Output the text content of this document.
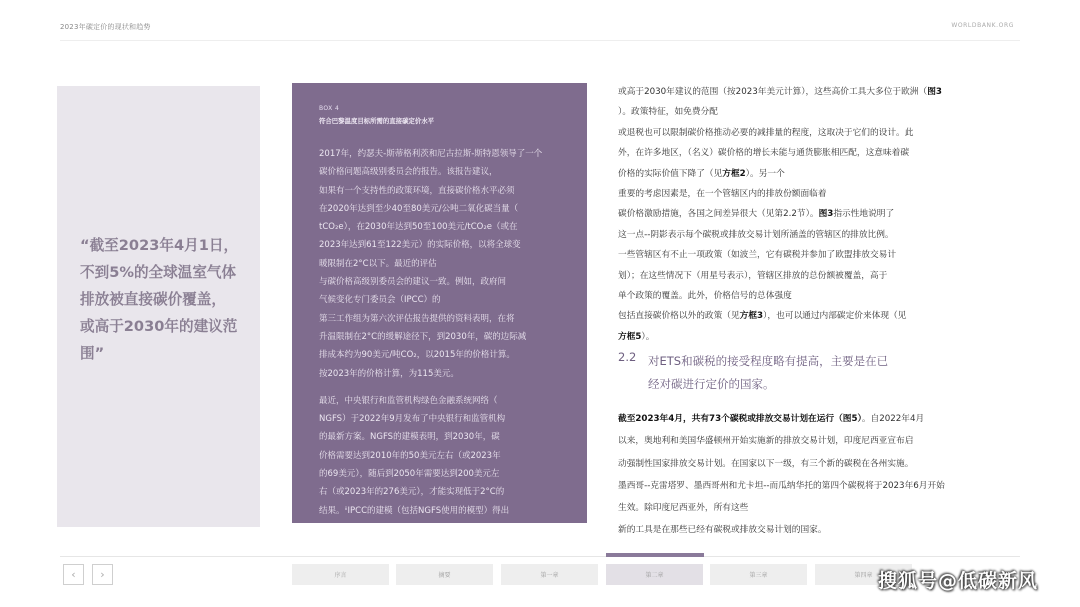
2023年碳定价的现状和趋势	WORLDBANK.ORG
“截至2023年4月1日，不到5%的全球温室气体排放被直接碳价覆盖，或高于2030年的建议范围”
BOX 4
符合巴黎温度目标所需的直接碳定价水平

2017年，约瑟夫-斯蒂格利茨和尼古拉斯-斯特恩领导了一个

碳价格问题高级别委员会的报告。该报告建议，

如果有一个支持性的政策环境，直接碳价格水平必须

在2020年达到至少40至80美元/公吨二氧化碳当量（

tCO₂e），在2030年达到50至100美元/tCO₂e（或在

2023年达到61至122美元）的实际价格，以将全球变

暖限制在2°C以下。最近的评估

与碳价格高级别委员会的建议一致。例如，政府间

气候变化专门委员会（IPCC）的

第三工作组为第六次评估报告提供的资料表明，在将

升温限制在2°C的缓解途径下，到2030年，碳的边际减

排成本约为90美元/吨CO₂，以2015年的价格计算。

按2023年的价格计算，为115美元。

最近，中央银行和监管机构绿色金融系统网络（

NGFS）于2022年9月发布了中央银行和监管机构

的最新方案。NGFS的建模表明，到2030年，碳

价格需要达到2010年的50美元左右（或2023年

的69美元），随后到2050年需要达到200美元左

右（或2023年的276美元），才能实现低于2°C的

结果。ⁱⁱIPCC的建模（包括NGFS使用的模型）得出

或高于2030年建议的范围（按2023年美元计算），这些高价工具大多位于欧洲（图3

）。政策特征，如免费分配

或退税也可以限制碳价格推动必要的减排量的程度，这取决于它们的设计。此

外，在许多地区，（名义）碳价格的增长未能与通货膨胀相匹配，这意味着碳

价格的实际价值下降了（见方框2）。另一个

重要的考虑因素是，在一个管辖区内的排放份额面临着

碳价格激励措施，各国之间差异很大（见第2.2节）。图3指示性地说明了

这一点--阴影表示每个碳税或排放交易计划所涵盖的管辖区的排放比例。

一些管辖区有不止一项政策（如波兰，它有碳税并参加了欧盟排放交易计

划）；在这些情况下（用星号表示），管辖区排放的总份额被覆盖，高于

单个政策的覆盖。此外，价格信号的总体强度

包括直接碳价格以外的政策（见方框3），也可以通过内部碳定价来体现（见

方框5）。

2.2 对ETS和碳税的接受程度略有提高，主要是在已
经对碳进行定价的国家。

截至2023年4月，共有73个碳税或排放交易计划在运行（图5）。自2022年4月

以来，奥地利和美国华盛顿州开始实施新的排放交易计划，印度尼西亚宣布启

动强制性国家排放交易计划。在国家以下一级，有三个新的碳税在各州实施。

墨西哥--克雷塔罗、墨西哥州和尤卡坦--而瓜纳华托的第四个碳税将于2023年6月开始

生效。除印度尼西亚外，所有这些

新的工具是在那些已经有碳税或排放交易计划的国家。

‹ ›	序言	摘要	第一章	第二章	第三章	第四章 搜狐号@低碳新风
